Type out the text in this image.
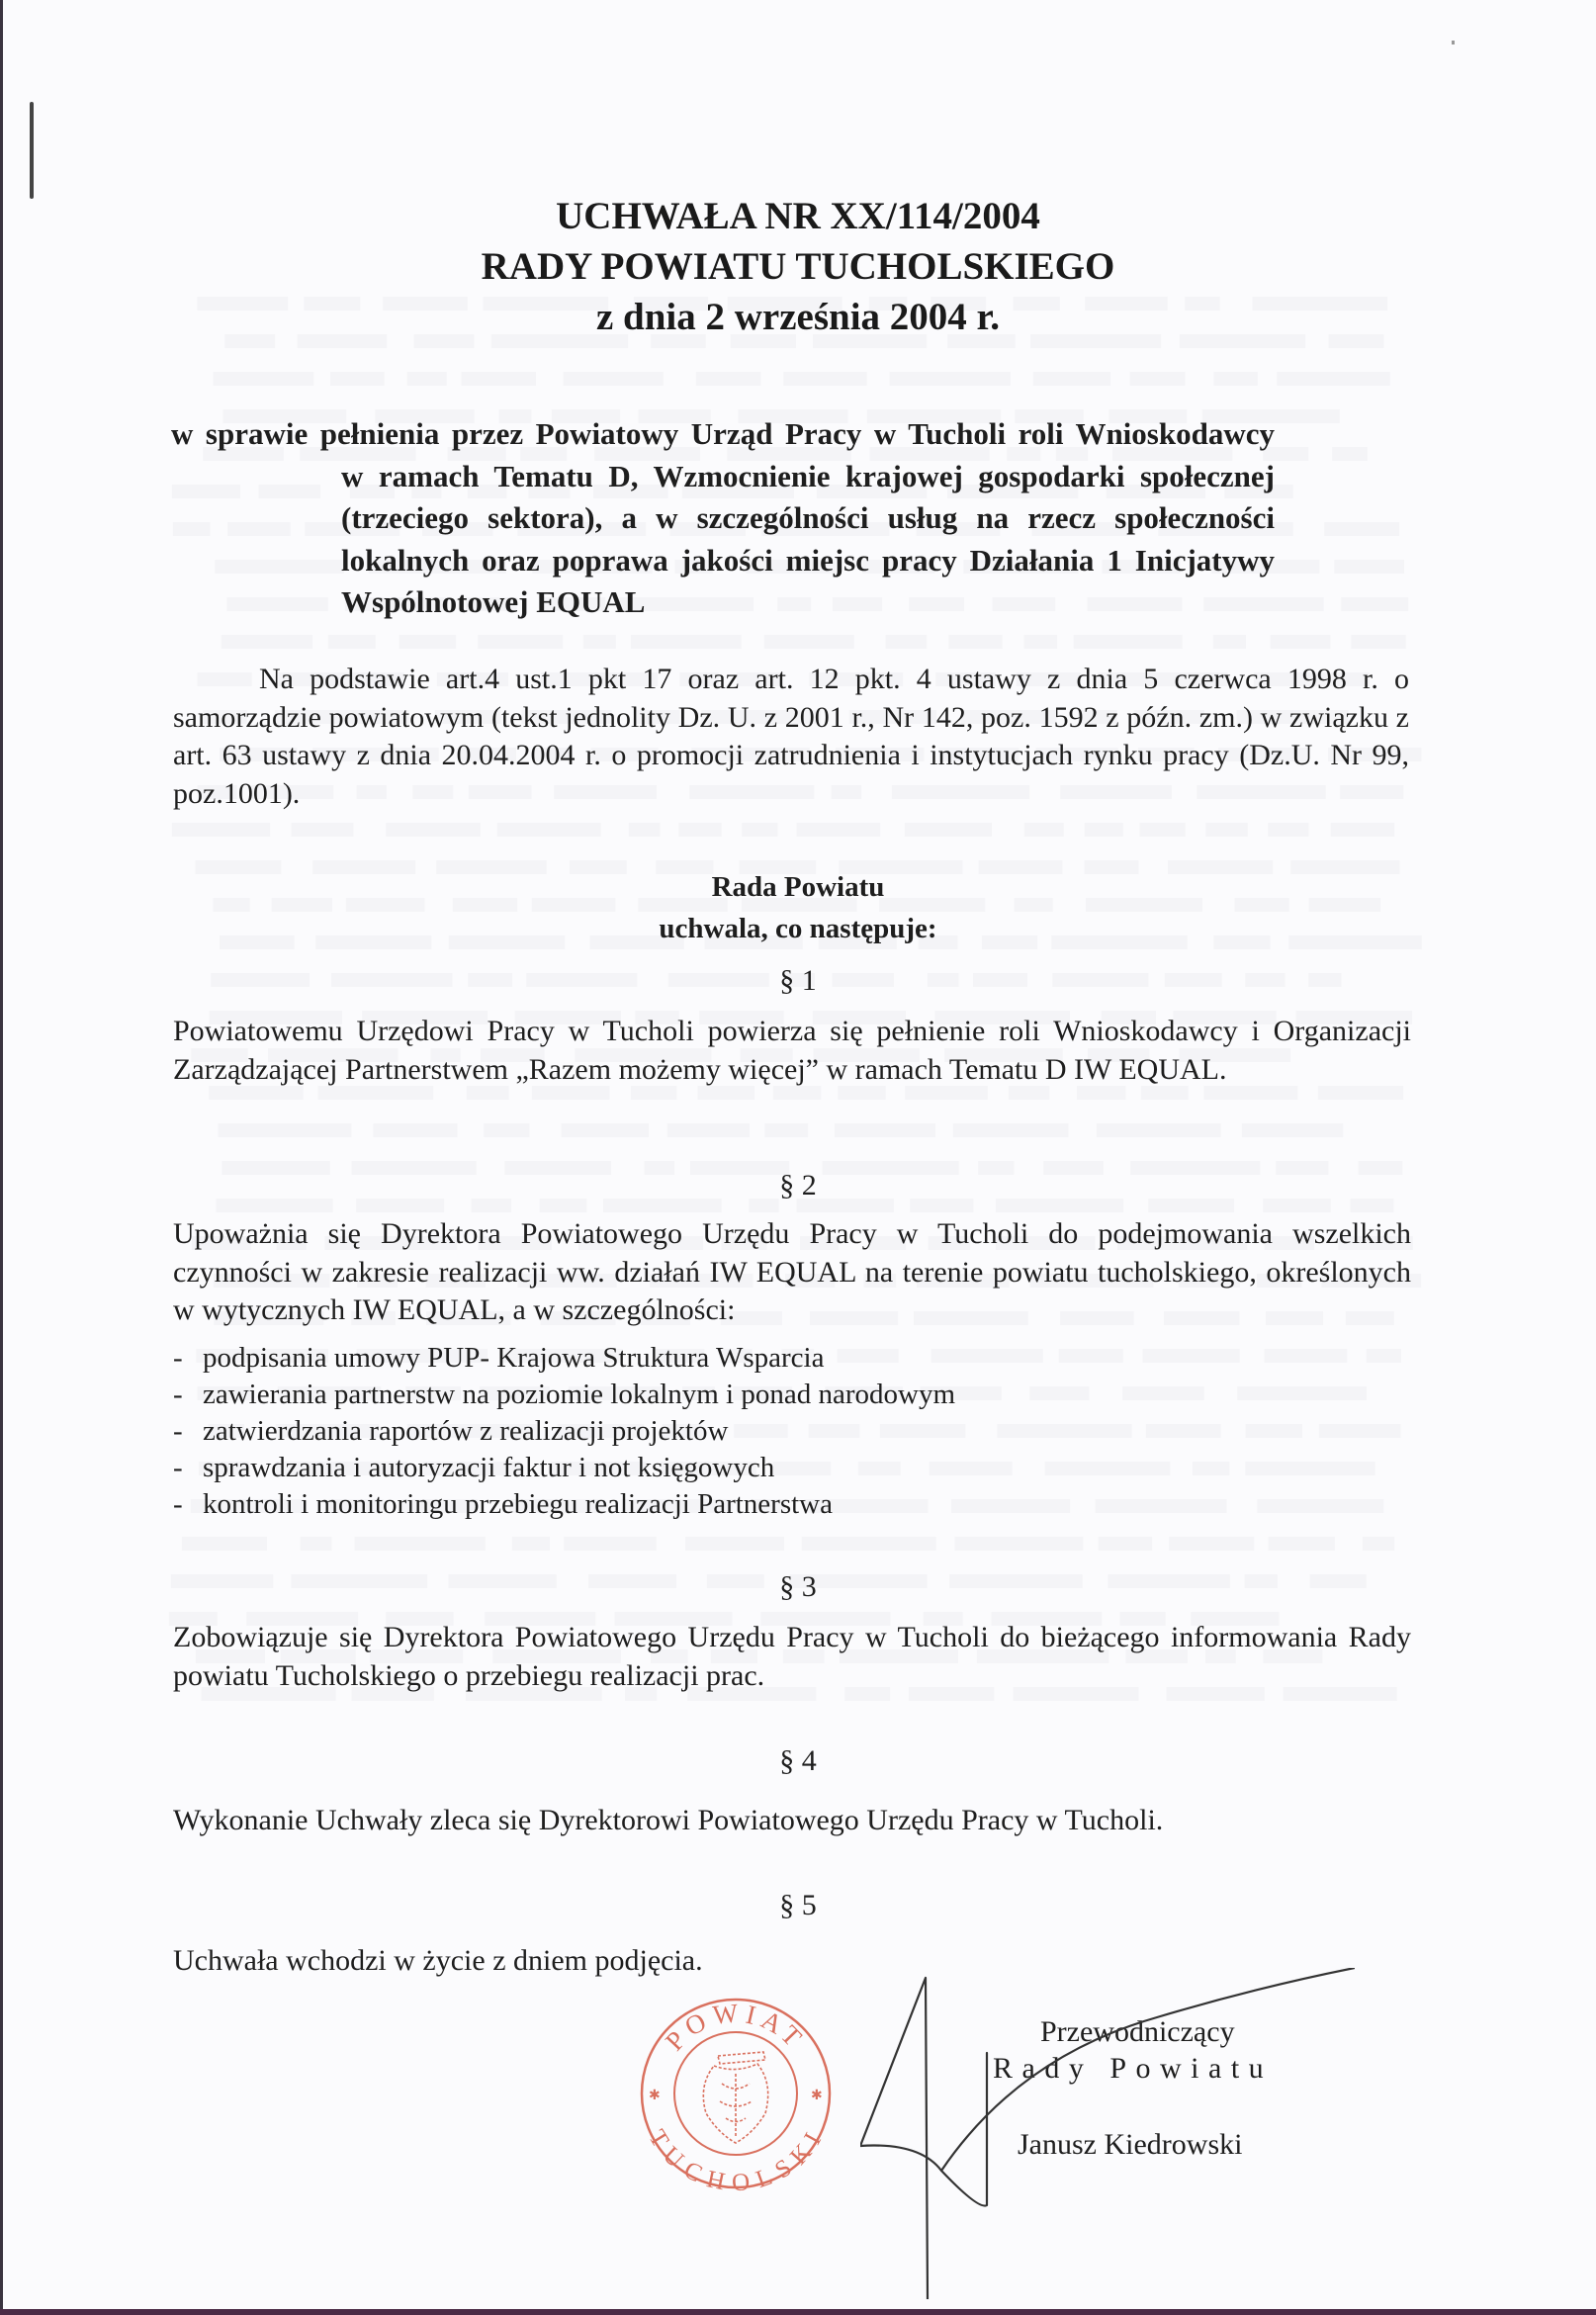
UCHWAŁA NR XX/114/2004
RADY POWIATU TUCHOLSKIEGO
z dnia 2 września 2004 r.
w sprawie pełnienia przez Powiatowy Urząd Pracy w Tucholi roli Wnioskodawcy
w ramach Tematu D, Wzmocnienie krajowej gospodarki społecznej (trzeciego sektora), a w szczególności usług na rzecz społeczności lokalnych oraz poprawa jakości miejsc pracy Działania 1 Inicjatywy Wspólnotowej EQUAL
Na podstawie art.4 ust.1 pkt 17 oraz art. 12 pkt. 4 ustawy z dnia 5 czerwca 1998 r. o samorządzie powiatowym (tekst jednolity Dz. U. z 2001 r., Nr 142, poz. 1592 z późn. zm.) w związku z art. 63 ustawy z dnia 20.04.2004 r. o promocji zatrudnienia i instytucjach rynku pracy (Dz.U. Nr 99, poz.1001).
Rada Powiatu
uchwala, co następuje:
§ 1
Powiatowemu Urzędowi Pracy w Tucholi powierza się pełnienie roli Wnioskodawcy i Organizacji Zarządzającej Partnerstwem „Razem możemy więcej” w ramach Tematu D IW EQUAL.
§ 2
Upoważnia się Dyrektora Powiatowego Urzędu Pracy w Tucholi do podejmowania wszelkich czynności w zakresie realizacji ww. działań IW EQUAL na terenie powiatu tucholskiego, określonych w wytycznych IW EQUAL, a w szczególności:
- podpisania umowy PUP- Krajowa Struktura Wsparcia
- zawierania partnerstw na poziomie lokalnym i ponad narodowym
- zatwierdzania raportów z realizacji projektów
- sprawdzania i autoryzacji faktur i not księgowych
- kontroli i monitoringu przebiegu realizacji Partnerstwa
§ 3
Zobowiązuje się Dyrektora Powiatowego Urzędu Pracy w Tucholi do bieżącego informowania Rady powiatu Tucholskiego o przebiegu realizacji prac.
§ 4
Wykonanie Uchwały zleca się Dyrektorowi Powiatowego Urzędu Pracy w Tucholi.
§ 5
Uchwała wchodzi w życie z dniem podjęcia.
POWIAT
TUCHOLSKI
✱	✱
Przewodniczący
Rady Powiatu
Janusz Kiedrowski
